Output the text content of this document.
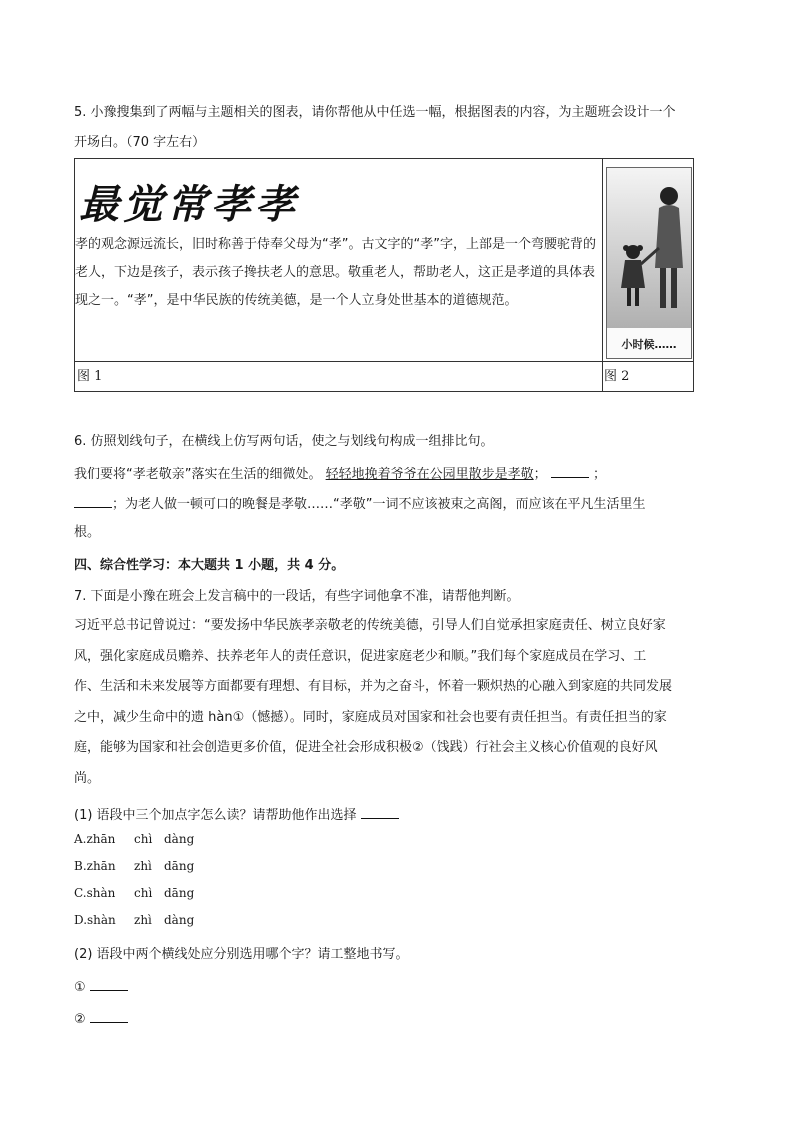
5. 小豫搜集到了两幅与主题相关的图表，请你帮他从中任选一幅，根据图表的内容，为主题班会设计一个
开场白。（70 字左右）
最觉常孝孝
孝的观念源远流长，旧时称善于侍奉父母为“孝”。古文字的“孝”字，上部是一个弯腰驼背的老人，下边是孩子，表示孩子搀扶老人的意思。敬重老人，帮助老人，这正是孝道的具体表现之一。“孝”，是中华民族的传统美德，是一个人立身处世基本的道德规范。
小时候……
图 1	图 2
6. 仿照划线句子，在横线上仿写两句话，使之与划线句构成一组排比句。
我们要将“孝老敬亲”落实在生活的细微处。 轻轻地挽着爷爷在公园里散步是孝敬；	；
；为老人做一顿可口的晚餐是孝敬……“孝敬”一词不应该被束之高阁，而应该在平凡生活里生
根。
四、综合性学习：本大题共 1 小题，共 4 分。
7. 下面是小豫在班会上发言稿中的一段话，有些字词他拿不准，请帮他判断。
习近平总书记曾说过：“要发扬中华民族孝亲敬老的传统美德，引导人们自觉承担家庭责任、树立良好家
风，强化家庭成员赡养、扶养老年人的责任意识，促进家庭老少和顺。”我们每个家庭成员在学习、工
作、生活和未来发展等方面都要有理想、有目标，并为之奋斗，怀着一颗炽热的心融入到家庭的共同发展
之中，减少生命中的遗 hàn①（憾撼）。同时，家庭成员对国家和社会也要有责任担当。有责任担当的家
庭，能够为国家和社会创造更多价值，促进全社会形成积极②（饯践）行社会主义核心价值观的良好风
尚。
(1) 语段中三个加点字怎么读？请帮助他作出选择
A.zhān chì dàng
B.zhān zhì dāng
C.shàn chì dāng
D.shàn zhì dàng
(2) 语段中两个横线处应分别选用哪个字？请工整地书写。
①
②
